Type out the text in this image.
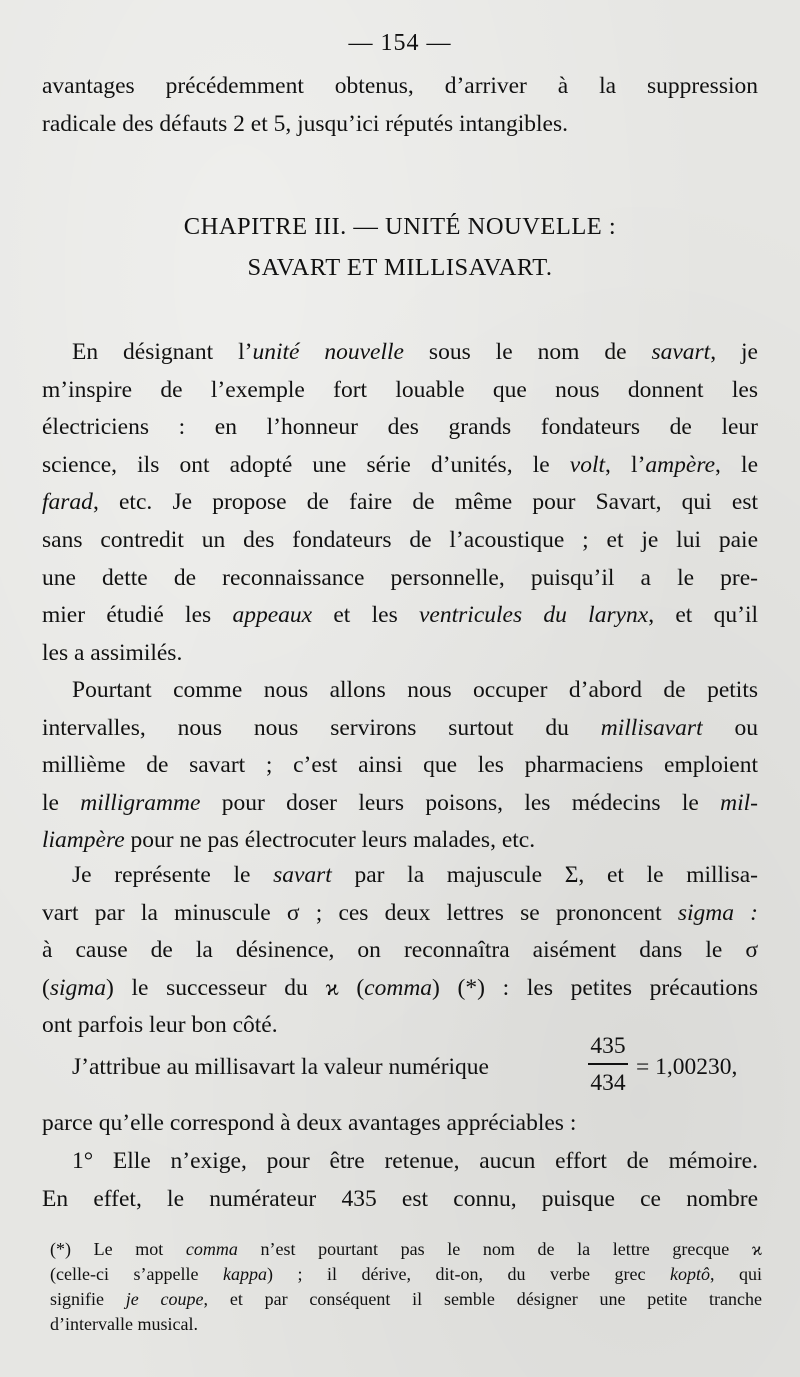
— 154 —
avantages précédemment obtenus, d’arriver à la suppression
radicale des défauts 2 et 5, jusqu’ici réputés intangibles.
CHAPITRE III. — UNITÉ NOUVELLE :
SAVART ET MILLISAVART.
En désignant l’unité nouvelle sous le nom de savart, je
m’inspire de l’exemple fort louable que nous donnent les
électriciens : en l’honneur des grands fondateurs de leur
science, ils ont adopté une série d’unités, le volt, l’ampère, le
farad, etc. Je propose de faire de même pour Savart, qui est
sans contredit un des fondateurs de l’acoustique ; et je lui paie
une dette de reconnaissance personnelle, puisqu’il a le pre-
mier étudié les appeaux et les ventricules du larynx, et qu’il
les a assimilés.
Pourtant comme nous allons nous occuper d’abord de petits
intervalles, nous nous servirons surtout du millisavart ou
millième de savart ; c’est ainsi que les pharmaciens emploient
le milligramme pour doser leurs poisons, les médecins le mil-
liampère pour ne pas électrocuter leurs malades, etc.
Je représente le savart par la majuscule Σ, et le millisa-
vart par la minuscule σ ; ces deux lettres se prononcent sigma :
à cause de la désinence, on reconnaîtra aisément dans le σ
(sigma) le successeur du ϰ (comma) (*) : les petites précautions
ont parfois leur bon côté.
J’attribue au millisavart la valeur numérique
435
434
= 1,00230,
parce qu’elle correspond à deux avantages appréciables :
1° Elle n’exige, pour être retenue, aucun effort de mémoire.
En effet, le numérateur 435 est connu, puisque ce nombre
(*) Le mot comma n’est pourtant pas le nom de la lettre grecque ϰ
(celle-ci s’appelle kappa) ; il dérive, dit-on, du verbe grec koptô, qui
signifie je coupe, et par conséquent il semble désigner une petite tranche
d’intervalle musical.
